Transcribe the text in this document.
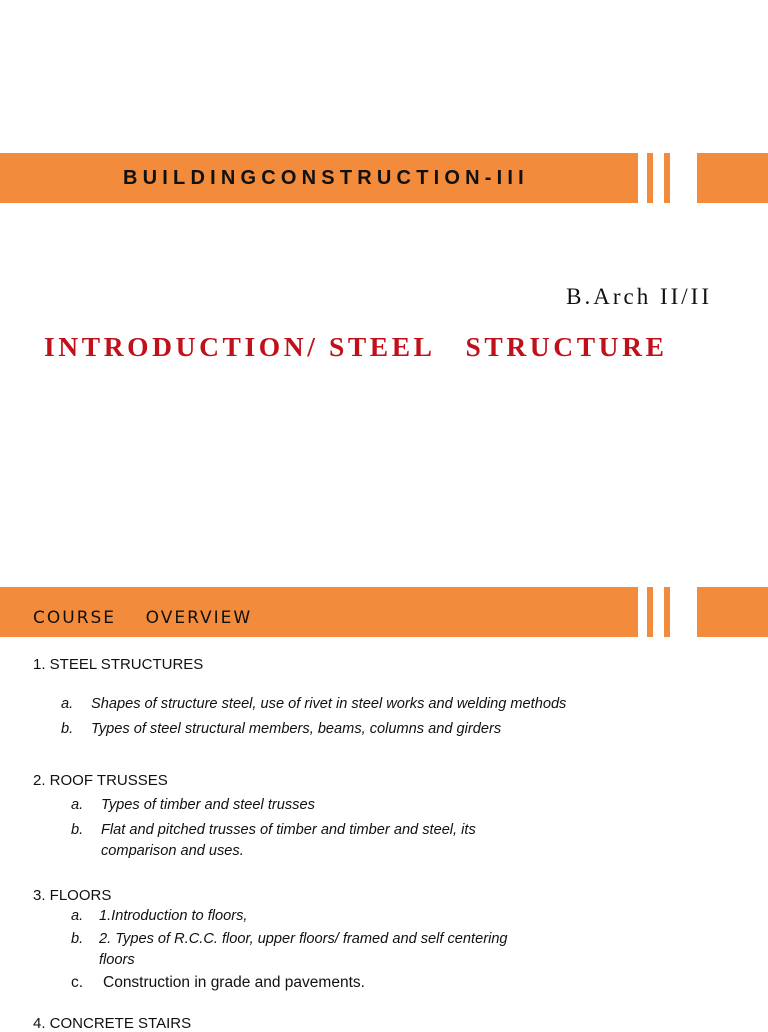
BUILDINGCONSTRUCTION-III
B.Arch II/II
INTRODUCTION/ STEEL   STRUCTURE
COURSE    OVERVIEW
1. STEEL STRUCTURES
a. Shapes of structure steel, use of rivet in steel works and welding methods
b. Types of steel structural members, beams, columns and girders
2. ROOF TRUSSES
a. Types of timber and steel trusses
b. Flat and pitched trusses of timber and timber and steel, its
comparison and uses.
3. FLOORS
a. 1.Introduction to floors,
b. 2. Types of R.C.C. floor, upper floors/ framed and self centering
floors
c. Construction in grade and pavements.
4. CONCRETE STAIRS
